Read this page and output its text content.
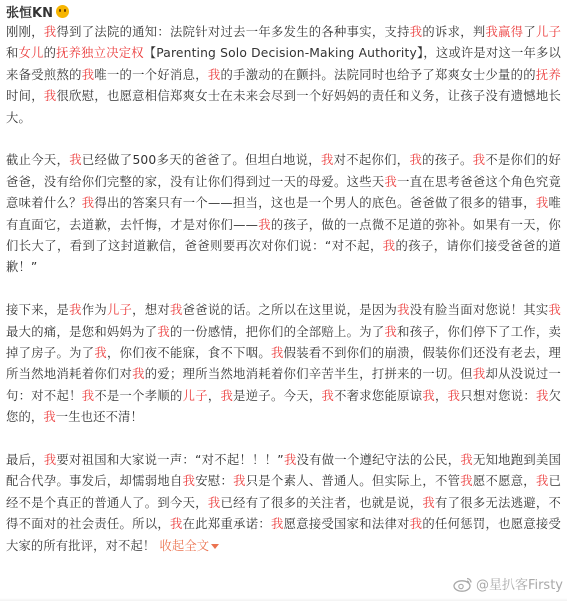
张恒KN

刚刚，我得到了法院的通知：法院针对过去一年多发生的各种事实，支持我的诉求，判我赢得了儿子和女儿的抚养独立决定权【Parenting Solo Decision-Making Authority】，这或许是对这一年多以来备受煎熬的我唯一的一个好消息，我的手激动的在颤抖。法院同时也给予了郑爽女士少量的的抚养时间，我很欣慰，也愿意相信郑爽女士在未来会尽到一个好妈妈的责任和义务，让孩子没有遗憾地长大。

截止今天，我已经做了500多天的爸爸了。但坦白地说，我对不起你们，我的孩子。我不是你们的好爸爸，没有给你们完整的家，没有让你们得到过一天的母爱。这些天我一直在思考爸爸这个角色究竟意味着什么？我得出的答案只有一个——担当，这也是一个男人的底色。爸爸做了很多的错事，我唯有直面它，去道歉，去忏悔，才是对你们——我的孩子，做的一点微不足道的弥补。如果有一天，你们长大了，看到了这封道歉信，爸爸则要再次对你们说：“对不起，我的孩子，请你们接受爸爸的道歉！”

接下来，是我作为儿子，想对我爸爸说的话。之所以在这里说，是因为我没有脸当面对您说！其实我最大的痛，是您和妈妈为了我的一份感情，把你们的全部赔上。为了我和孩子，你们停下了工作，卖掉了房子。为了我，你们夜不能寐，食不下咽。我假装看不到你们的崩溃，假装你们还没有老去，理所当然地消耗着你们对我的爱；理所当然地消耗着你们辛苦半生，打拼来的一切。但我却从没说过一句：对不起！我不是一个孝顺的儿子，我是逆子。今天，我不奢求您能原谅我，我只想对您说：我欠您的，我一生也还不清！

最后，我要对祖国和大家说一声：“对不起！！！”我没有做一个遵纪守法的公民，我无知地跑到美国配合代孕。事发后，却懦弱地自我安慰：我只是个素人、普通人。但实际上，不管我愿不愿意，我已经不是个真正的普通人了。到今天，我已经有了很多的关注者，也就是说，我有了很多无法逃避，不得不面对的社会责任。所以，我在此郑重承诺：我愿意接受国家和法律对我的任何惩罚，也愿意接受大家的所有批评，对不起！ 收起全文

@星扒客Firsty
